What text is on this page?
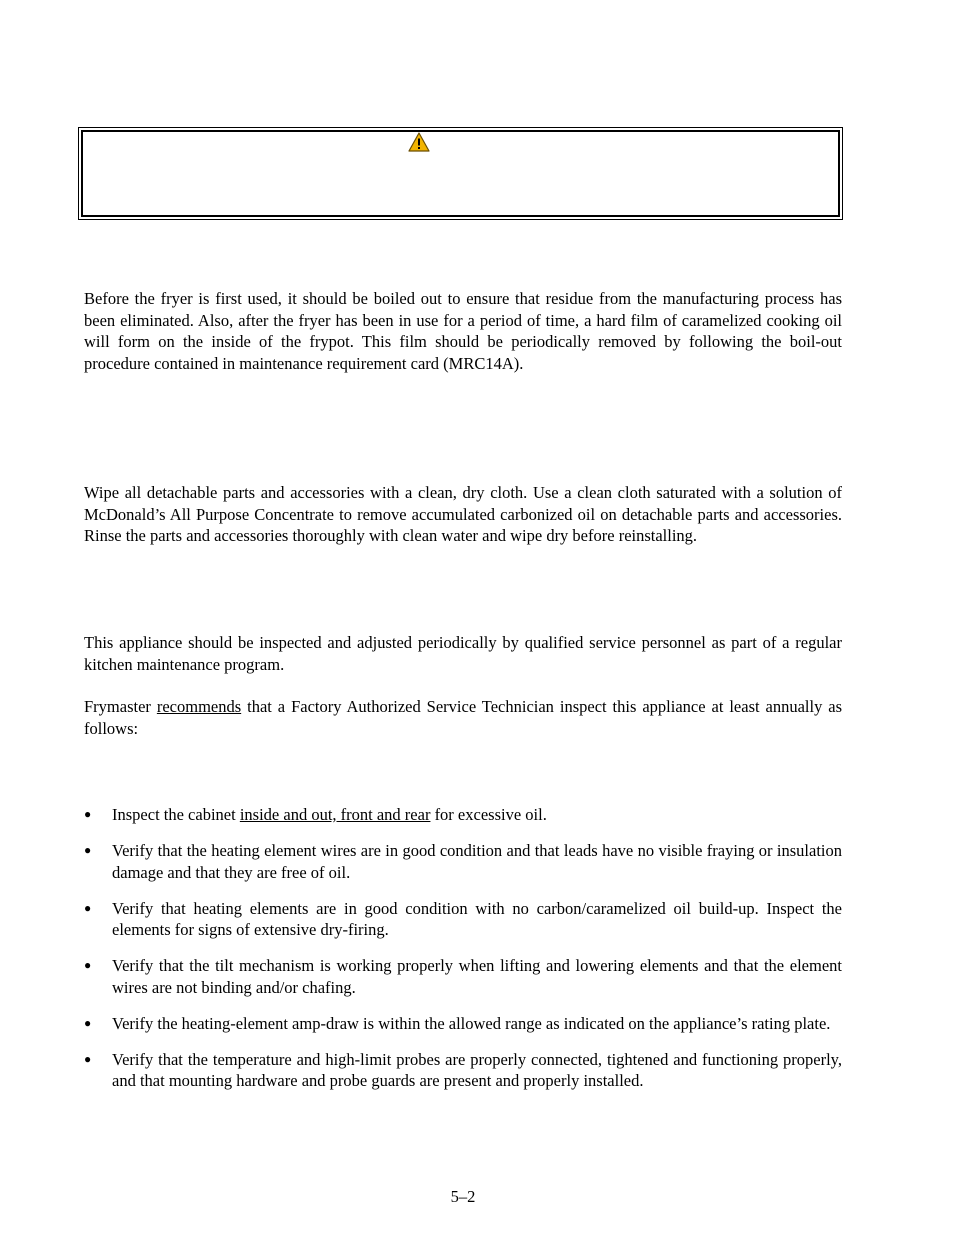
Before the fryer is first used, it should be boiled out to ensure that residue from the manufacturing process has been eliminated. Also, after the fryer has been in use for a period of time, a hard film of caramelized cooking oil will form on the inside of the frypot. This film should be periodically removed by following the boil-out procedure contained in maintenance requirement card (MRC14A).

Wipe all detachable parts and accessories with a clean, dry cloth. Use a clean cloth saturated with a solution of McDonald’s All Purpose Concentrate to remove accumulated carbonized oil on detachable parts and accessories. Rinse the parts and accessories thoroughly with clean water and wipe dry before reinstalling.

This appliance should be inspected and adjusted periodically by qualified service personnel as part of a regular kitchen maintenance program.

Frymaster recommends that a Factory Authorized Service Technician inspect this appliance at least annually as follows:

● Inspect the cabinet inside and out, front and rear for excessive oil.
● Verify that the heating element wires are in good condition and that leads have no visible fraying or insulation damage and that they are free of oil.
● Verify that heating elements are in good condition with no carbon/caramelized oil build-up. Inspect the elements for signs of extensive dry-firing.
● Verify that the tilt mechanism is working properly when lifting and lowering elements and that the element wires are not binding and/or chafing.
● Verify the heating-element amp-draw is within the allowed range as indicated on the appliance’s rating plate.
● Verify that the temperature and high-limit probes are properly connected, tightened and functioning properly, and that mounting hardware and probe guards are present and properly installed.
5–2
